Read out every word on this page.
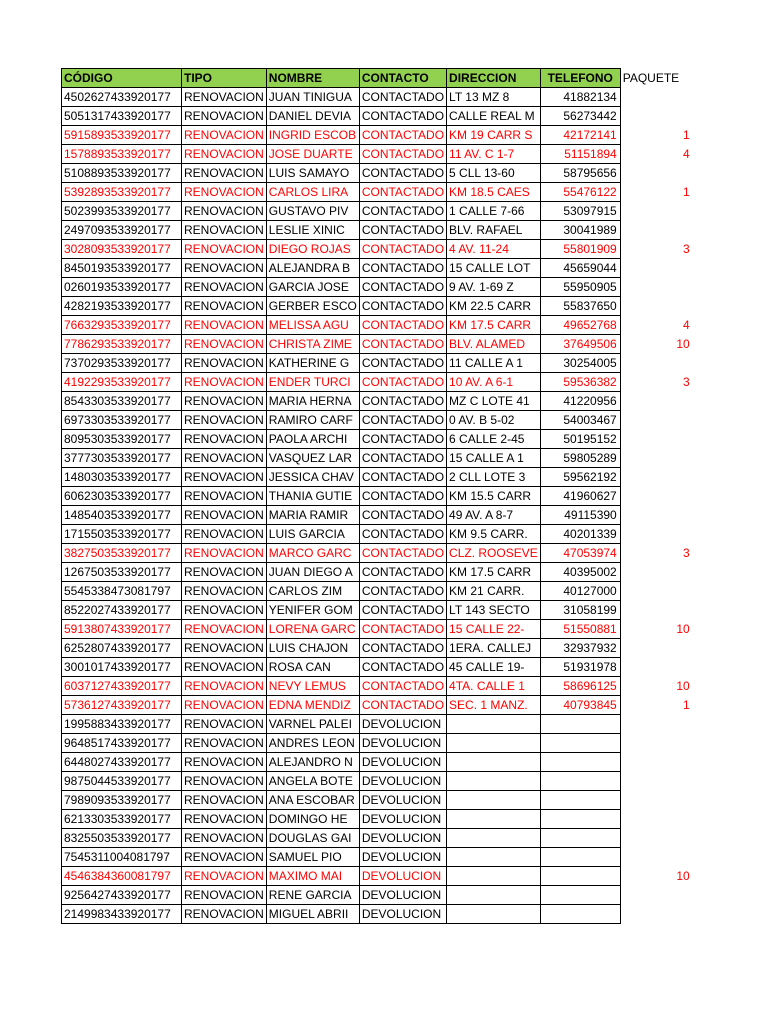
CÓDIGO	TIPO	NOMBRE	CONTACTO	DIRECCION	TELEFONO	PAQUETE
4502627433920177	RENOVACION	JUAN TINIGUA	CONTACTADO	LT 13 MZ 8	41882134	
5051317433920177	RENOVACION	DANIEL DEVIA	CONTACTADO	CALLE REAL M	56273442	
5915893533920177	RENOVACION	INGRID ESCOB	CONTACTADO	KM 19 CARR S	42172141	1
1578893533920177	RENOVACION	JOSE DUARTE	CONTACTADO	11 AV. C 1-7	51151894	4
5108893533920177	RENOVACION	LUIS SAMAYO	CONTACTADO	5 CLL 13-60	58795656	
5392893533920177	RENOVACION	CARLOS LIRA	CONTACTADO	KM 18.5 CAES	55476122	1
5023993533920177	RENOVACION	GUSTAVO PIV	CONTACTADO	1 CALLE 7-66	53097915	
2497093533920177	RENOVACION	LESLIE XINIC	CONTACTADO	BLV. RAFAEL	30041989	
3028093533920177	RENOVACION	DIEGO ROJAS	CONTACTADO	4 AV. 11-24	55801909	3
8450193533920177	RENOVACION	ALEJANDRA B	CONTACTADO	15 CALLE LOT	45659044	
0260193533920177	RENOVACION	GARCIA JOSE	CONTACTADO	9 AV. 1-69 Z	55950905	
4282193533920177	RENOVACION	GERBER ESCO	CONTACTADO	KM 22.5 CARR	55837650	
7663293533920177	RENOVACION	MELISSA AGU	CONTACTADO	KM 17.5 CARR	49652768	4
7786293533920177	RENOVACION	CHRISTA ZIME	CONTACTADO	BLV. ALAMED	37649506	10
7370293533920177	RENOVACION	KATHERINE G	CONTACTADO	11 CALLE A 1	30254005	
4192293533920177	RENOVACION	ENDER TURCI	CONTACTADO	10 AV. A 6-1	59536382	3
8543303533920177	RENOVACION	MARIA HERNA	CONTACTADO	MZ C LOTE 41	41220956	
6973303533920177	RENOVACION	RAMIRO CARF	CONTACTADO	0 AV. B 5-02	54003467	
8095303533920177	RENOVACION	PAOLA ARCHI	CONTACTADO	6 CALLE 2-45	50195152	
3777303533920177	RENOVACION	VASQUEZ LAR	CONTACTADO	15 CALLE A 1	59805289	
1480303533920177	RENOVACION	JESSICA CHAV	CONTACTADO	2 CLL LOTE 3	59562192	
6062303533920177	RENOVACION	THANIA GUTIE	CONTACTADO	KM 15.5 CARR	41960627	
1485403533920177	RENOVACION	MARIA RAMIR	CONTACTADO	49 AV. A 8-7	49115390	
1715503533920177	RENOVACION	LUIS GARCIA	CONTACTADO	KM 9.5 CARR.	40201339	
3827503533920177	RENOVACION	MARCO GARC	CONTACTADO	CLZ. ROOSEVE	47053974	3
1267503533920177	RENOVACION	JUAN DIEGO A	CONTACTADO	KM 17.5 CARR	40395002	
5545338473081797	RENOVACION	CARLOS ZIM	CONTACTADO	KM 21 CARR.	40127000	
8522027433920177	RENOVACION	YENIFER GOM	CONTACTADO	LT 143 SECTO	31058199	
5913807433920177	RENOVACION	LORENA GARC	CONTACTADO	15 CALLE 22-	51550881	10
6252807433920177	RENOVACION	LUIS CHAJON	CONTACTADO	1ERA. CALLEJ	32937932	
3001017433920177	RENOVACION	ROSA CAN	CONTACTADO	45 CALLE 19-	51931978	
6037127433920177	RENOVACION	NEVY LEMUS	CONTACTADO	4TA. CALLE 1	58696125	10
5736127433920177	RENOVACION	EDNA MENDIZ	CONTACTADO	SEC. 1 MANZ.	40793845	1
1995883433920177	RENOVACION	VARNEL PALEI	DEVOLUCION			
9648517433920177	RENOVACION	ANDRES LEON	DEVOLUCION			
6448027433920177	RENOVACION	ALEJANDRO N	DEVOLUCION			
9875044533920177	RENOVACION	ANGELA BOTE	DEVOLUCION			
7989093533920177	RENOVACION	ANA ESCOBAR	DEVOLUCION			
6213303533920177	RENOVACION	DOMINGO HE	DEVOLUCION			
8325503533920177	RENOVACION	DOUGLAS GAI	DEVOLUCION			
7545311004081797	RENOVACION	SAMUEL PIO	DEVOLUCION			
4546384360081797	RENOVACION	MAXIMO MAI	DEVOLUCION			10
9256427433920177	RENOVACION	RENE GARCIA	DEVOLUCION			
2149983433920177	RENOVACION	MIGUEL ABRII	DEVOLUCION			
